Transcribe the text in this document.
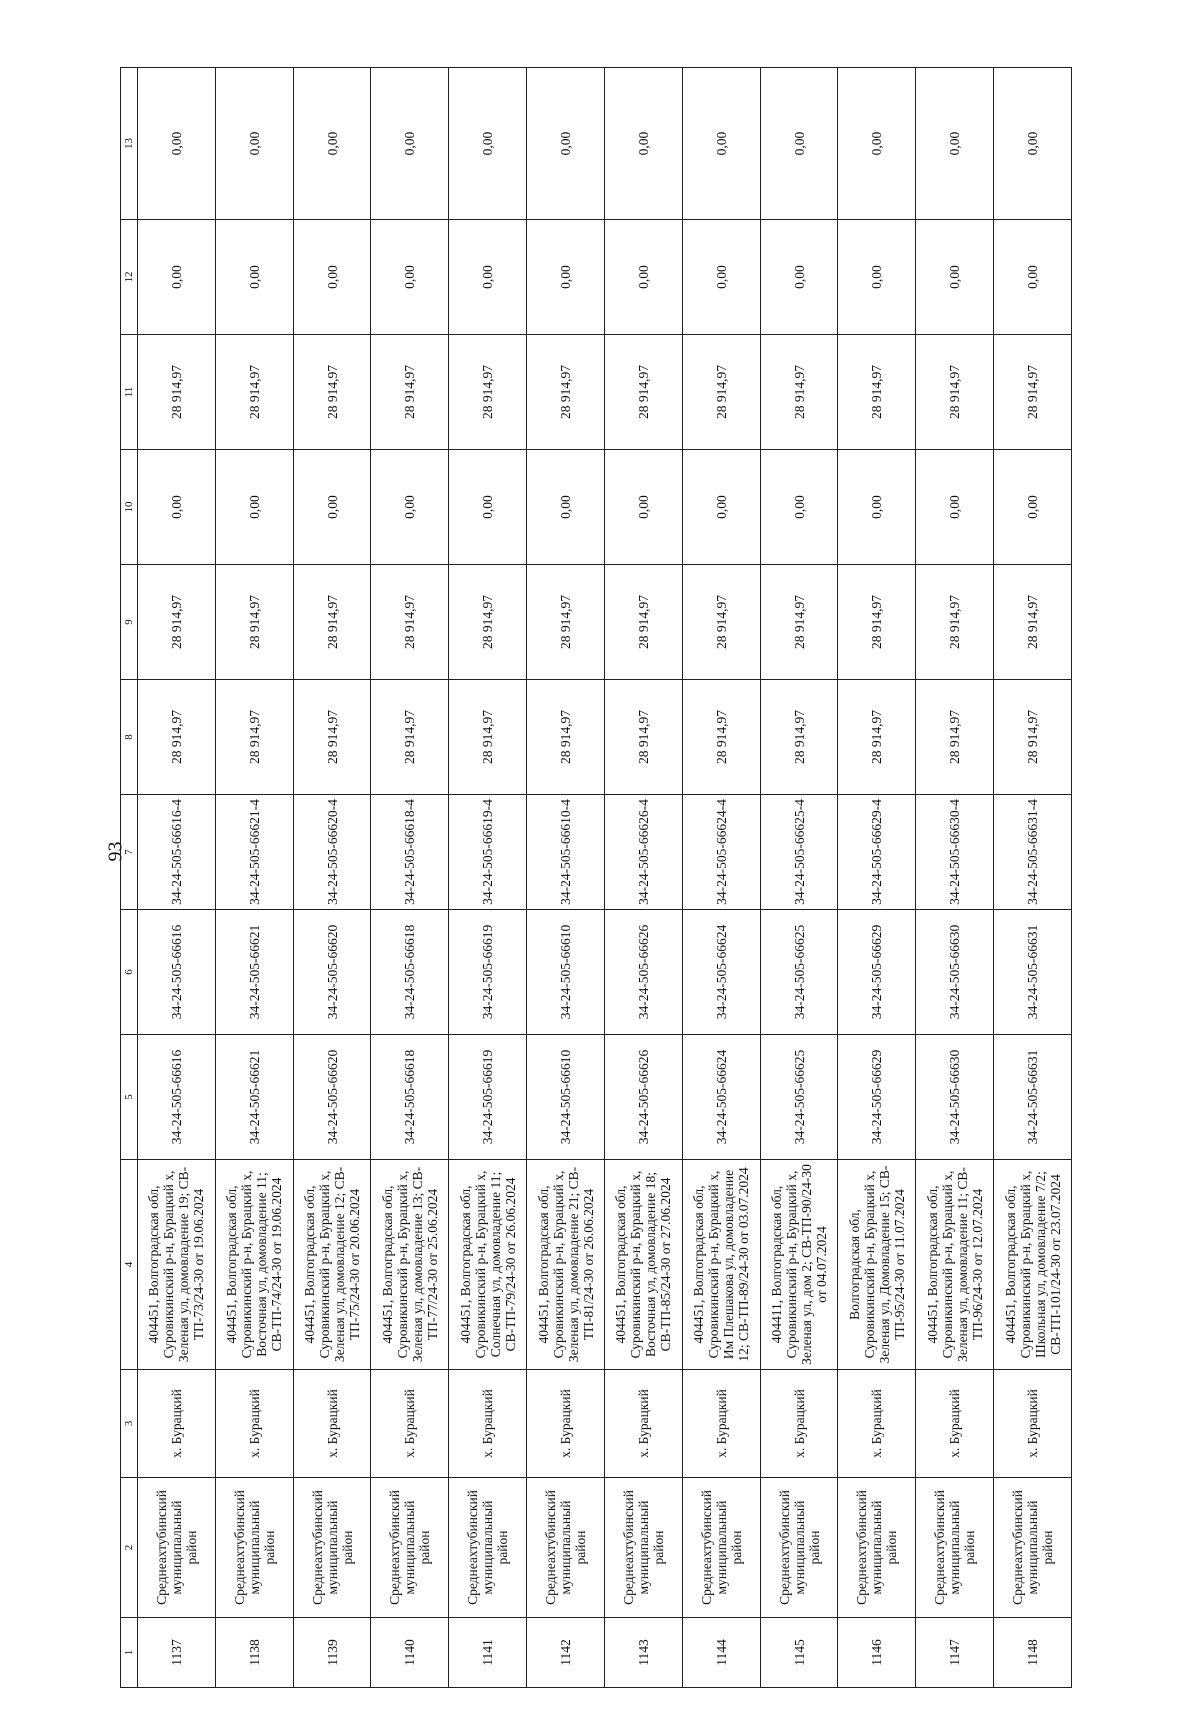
93
1	2	3	4	5	6	7	8	9	10	11	12	13
1137	Среднеахтубинский муниципальный район	х. Бурацкий	404451, Волгоградская обл, Суровикинский р-н, Бурацкий х, Зеленая ул, домовладение 19; СВ-ТП-73/24-30 от 19.06.2024	34-24-505-66616	34-24-505-66616	34-24-505-66616-4	28 914,97	28 914,97	0,00	28 914,97	0,00	0,00
1138	Среднеахтубинский муниципальный район	х. Бурацкий	404451, Волгоградская обл, Суровикинский р-н, Бурацкий х, Восточная ул, домовладение 11; СВ-ТП-74/24-30 от 19.06.2024	34-24-505-66621	34-24-505-66621	34-24-505-66621-4	28 914,97	28 914,97	0,00	28 914,97	0,00	0,00
1139	Среднеахтубинский муниципальный район	х. Бурацкий	404451, Волгоградская обл, Суровикинский р-н, Бурацкий х, Зеленая ул, домовладение 12; СВ-ТП-75/24-30 от 20.06.2024	34-24-505-66620	34-24-505-66620	34-24-505-66620-4	28 914,97	28 914,97	0,00	28 914,97	0,00	0,00
1140	Среднеахтубинский муниципальный район	х. Бурацкий	404451, Волгоградская обл, Суровикинский р-н, Бурацкий х, Зеленая ул, домовладение 13; СВ-ТП-77/24-30 от 25.06.2024	34-24-505-66618	34-24-505-66618	34-24-505-66618-4	28 914,97	28 914,97	0,00	28 914,97	0,00	0,00
1141	Среднеахтубинский муниципальный район	х. Бурацкий	404451, Волгоградская обл, Суровикинский р-н, Бурацкий х, Солнечная ул, домовладение 11; СВ-ТП-79/24-30 от 26.06.2024	34-24-505-66619	34-24-505-66619	34-24-505-66619-4	28 914,97	28 914,97	0,00	28 914,97	0,00	0,00
1142	Среднеахтубинский муниципальный район	х. Бурацкий	404451, Волгоградская обл, Суровикинский р-н, Бурацкий х, Зеленая ул, домовладение 21; СВ-ТП-81/24-30 от 26.06.2024	34-24-505-66610	34-24-505-66610	34-24-505-66610-4	28 914,97	28 914,97	0,00	28 914,97	0,00	0,00
1143	Среднеахтубинский муниципальный район	х. Бурацкий	404451, Волгоградская обл, Суровикинский р-н, Бурацкий х, Восточная ул, домовладение 18; СВ-ТП-85/24-30 от 27.06.2024	34-24-505-66626	34-24-505-66626	34-24-505-66626-4	28 914,97	28 914,97	0,00	28 914,97	0,00	0,00
1144	Среднеахтубинский муниципальный район	х. Бурацкий	404451, Волгоградская обл, Суровикинский р-н, Бурацкий х, Им Плешакова ул, домовладение 12; СВ-ТП-89/24-30 от 03.07.2024	34-24-505-66624	34-24-505-66624	34-24-505-66624-4	28 914,97	28 914,97	0,00	28 914,97	0,00	0,00
1145	Среднеахтубинский муниципальный район	х. Бурацкий	404411, Волгоградская обл, Суровикинский р-н, Бурацкий х, Зеленая ул, дом 2; СВ-ТП-90/24-30 от 04.07.2024	34-24-505-66625	34-24-505-66625	34-24-505-66625-4	28 914,97	28 914,97	0,00	28 914,97	0,00	0,00
1146	Среднеахтубинский муниципальный район	х. Бурацкий	Волгоградская обл, Суровикинский р-н, Бурацкий х, Зеленая ул, Домовладение 15; СВ-ТП-95/24-30 от 11.07.2024	34-24-505-66629	34-24-505-66629	34-24-505-66629-4	28 914,97	28 914,97	0,00	28 914,97	0,00	0,00
1147	Среднеахтубинский муниципальный район	х. Бурацкий	404451, Волгоградская обл, Суровикинский р-н, Бурацкий х, Зеленая ул, домовладение 11; СВ-ТП-96/24-30 от 12.07.2024	34-24-505-66630	34-24-505-66630	34-24-505-66630-4	28 914,97	28 914,97	0,00	28 914,97	0,00	0,00
1148	Среднеахтубинский муниципальный район	х. Бурацкий	404451, Волгоградская обл, Суровикинский р-н, Бурацкий х, Школьная ул, домовладение 7/2; СВ-ТП-101/24-30 от 23.07.2024	34-24-505-66631	34-24-505-66631	34-24-505-66631-4	28 914,97	28 914,97	0,00	28 914,97	0,00	0,00
